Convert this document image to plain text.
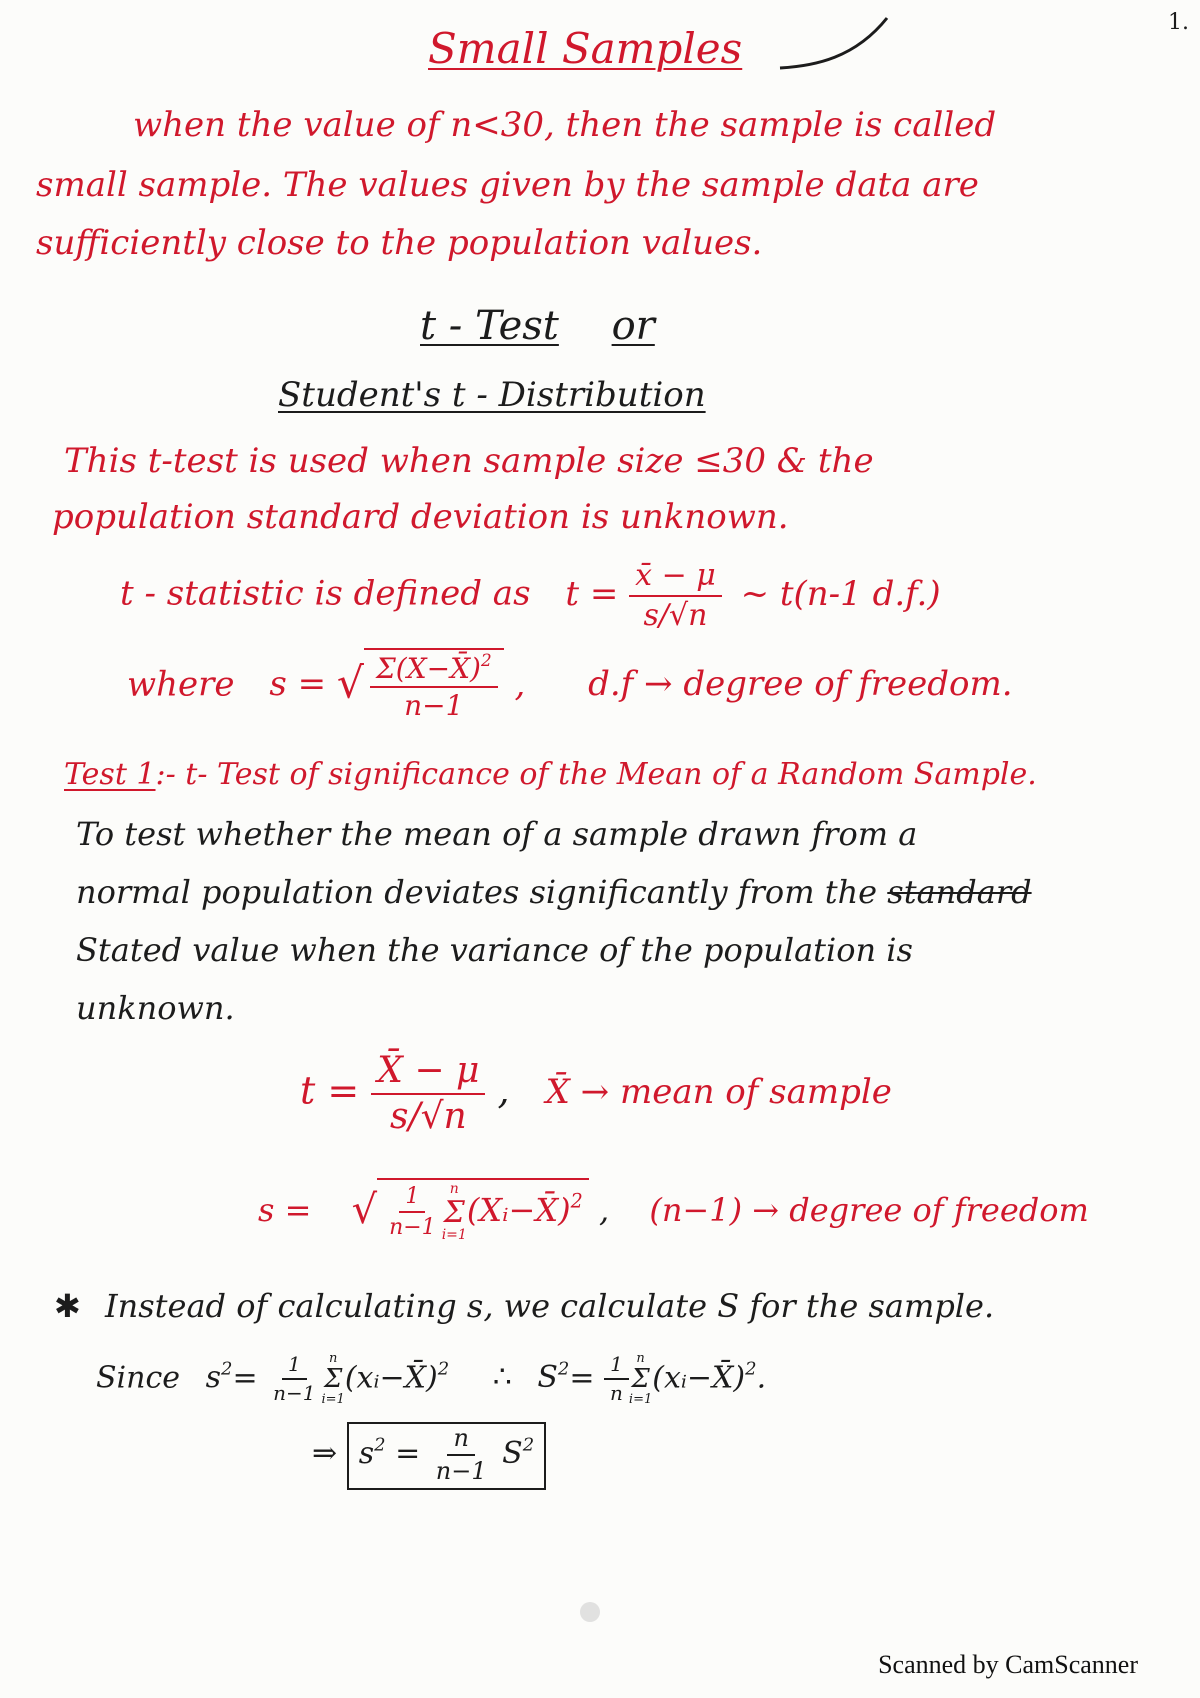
Small Samples
1.
when the value of n<30, then the sample is called
small sample. The values given by the sample data are
sufficiently close to the population values.
t - Test or
Student's t - Distribution
This t-test is used when sample size ≤30 & the
population standard deviation is unknown.
t - statistic is defined as $t = \frac{x̄ - \mu}{s/√n}$ ~ t(n-1 d.f.)
where s = √ $\frac{\Sigma(X-X̄)^2}{n-1}$ , d.f → degree of freedom.
Test 1:- t- Test of significance of the Mean of a Random Sample.
To test whether the mean of a sample drawn from a
normal population deviates significantly from the standard
Stated value when the variance of the population is
unknown.
$t = \frac{X̄ - \mu}{s/√n}$ , X̄ → mean of sample
s = √ $\frac{1}{n-1}$ n
Σ
i=1
(Xᵢ−X̄)$^2$ , (n−1) → degree of freedom
✱ Instead of calculating s, we calculate S for the sample.
Since $s^2= \frac{1}{n-1}$ n
Σ
i=1
(xᵢ−X̄)$^2$ ∴ $S^2= \frac{1}{n}$ n
Σ
i=1
(xᵢ−X̄)$^2$.
⇒ $s^2 = \frac{n}{n-1} S^2$
Scanned by CamScanner
